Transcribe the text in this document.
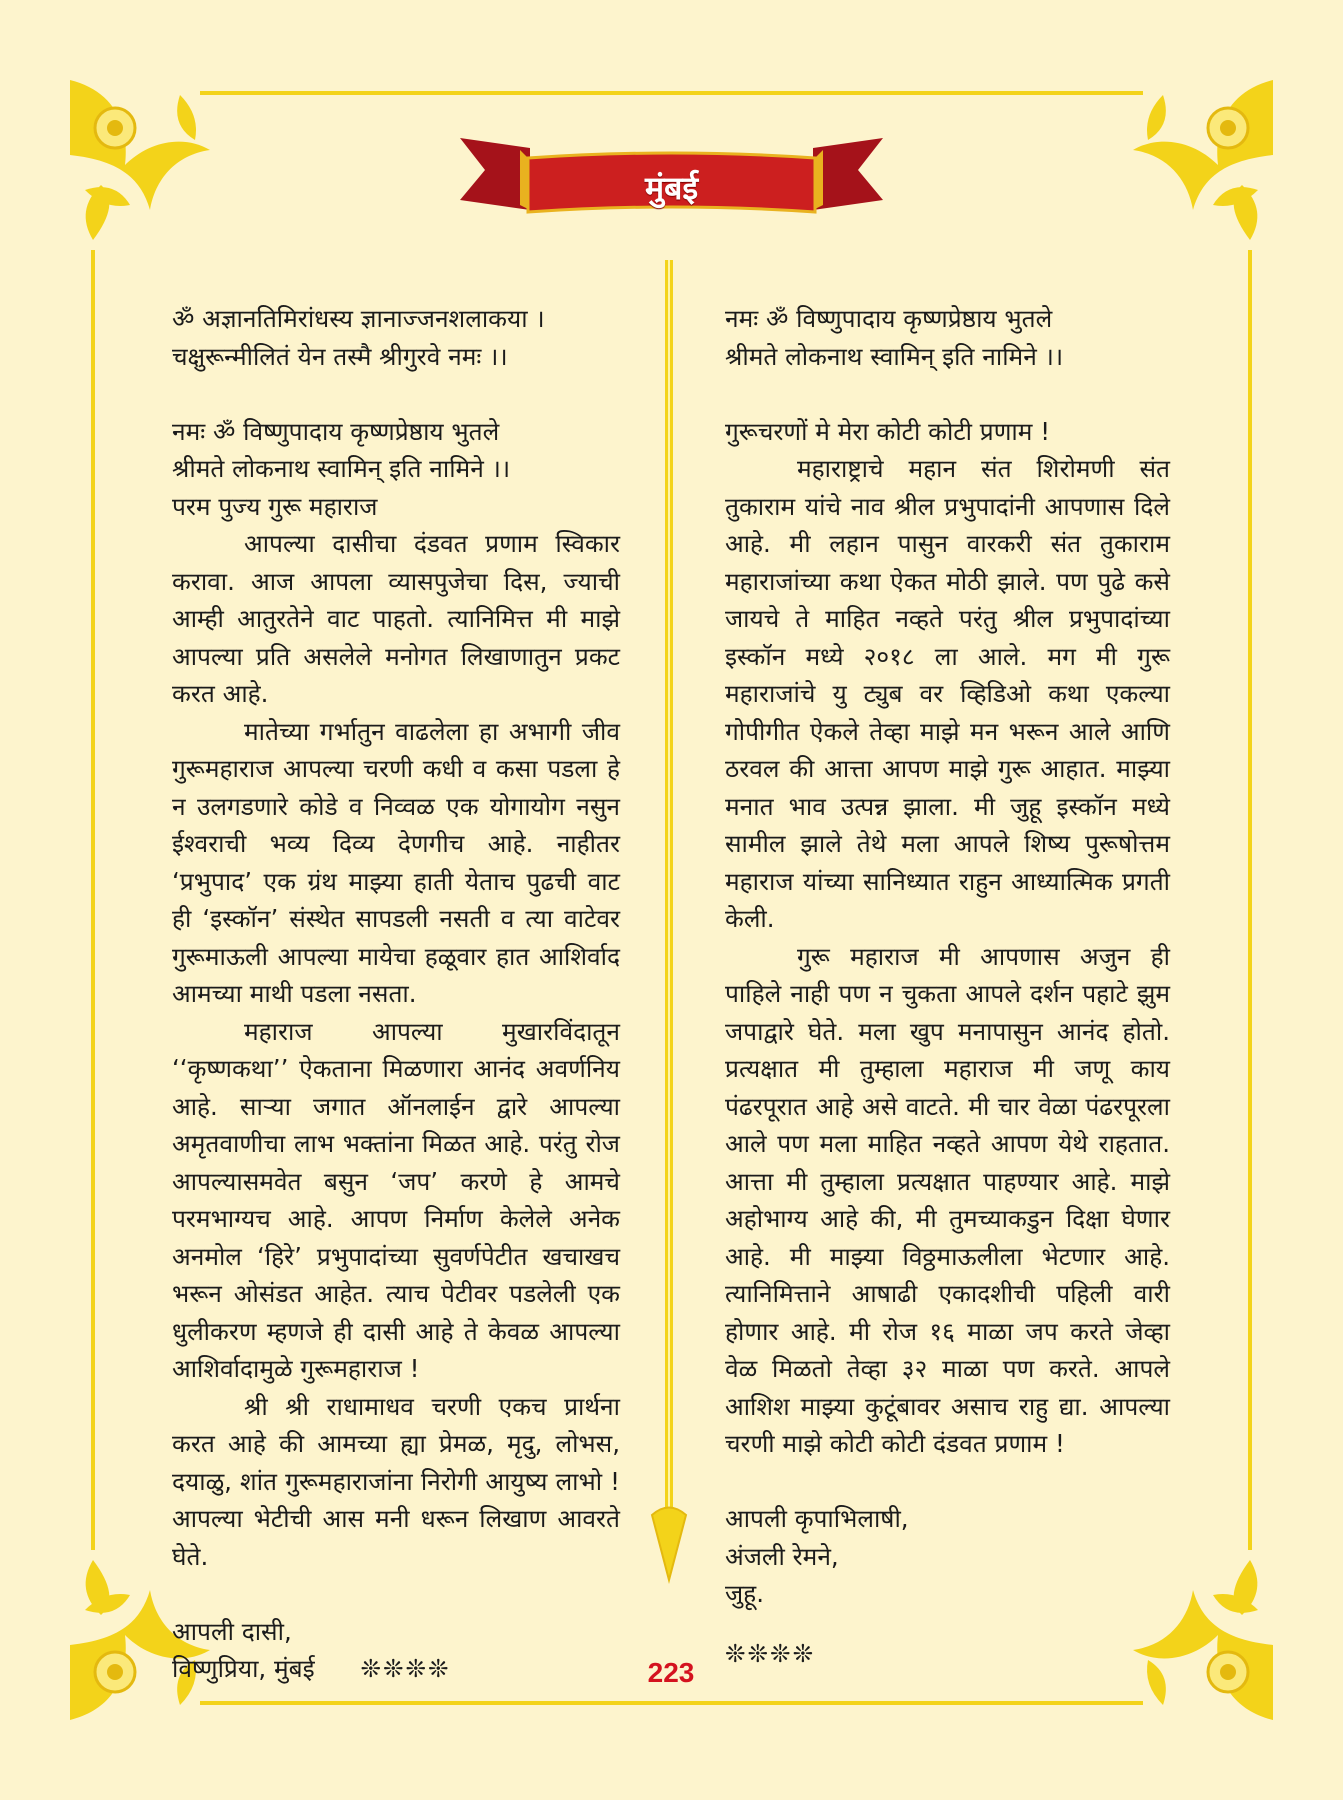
मुंबई

ॐ अज्ञानतिमिरांधस्य ज्ञानाज्जनशलाकया ।

चक्षुरून्मीलितं येन तस्मै श्रीगुरवे नमः ।।

नमः ॐ विष्णुपादाय कृष्णप्रेष्ठाय भुतले

श्रीमते लोकनाथ स्वामिन् इति नामिने ।।

परम पुज्य गुरू महाराज

आपल्या दासीचा दंडवत प्रणाम स्विकार करावा. आज आपला व्यासपुजेचा दिस, ज्याची आम्ही आतुरतेने वाट पाहतो. त्यानिमित्त मी माझे आपल्या प्रति असलेले मनोगत लिखाणातुन प्रकट करत आहे.

मातेच्या गर्भातुन वाढलेला हा अभागी जीव गुरूमहाराज आपल्या चरणी कधी व कसा पडला हे न उलगडणारे कोडे व निव्वळ एक योगायोग नसुन ईश्वराची भव्य दिव्य देणगीच आहे. नाहीतर ‘प्रभुपाद’ एक ग्रंथ माझ्या हाती येताच पुढची वाट ही ‘इस्कॉन’ संस्थेत सापडली नसती व त्या वाटेवर गुरूमाऊली आपल्या मायेचा हळूवार हात आशिर्वाद आमच्या माथी पडला नसता.

महाराज आपल्या मुखारविंदातून ‘‘कृष्णकथा’’ ऐकताना मिळणारा आनंद अवर्णनिय आहे. साऱ्या जगात ऑनलाईन द्वारे आपल्या अमृतवाणीचा लाभ भक्तांना मिळत आहे. परंतु रोज आपल्यासमवेत बसुन ‘जप’ करणे हे आमचे परमभाग्यच आहे. आपण निर्माण केलेले अनेक अनमोल ‘हिरे’ प्रभुपादांच्या सुवर्णपेटीत खचाखच भरून ओसंडत आहेत. त्याच पेटीवर पडलेली एक धुलीकरण म्हणजे ही दासी आहे ते केवळ आपल्या आशिर्वादामुळे गुरूमहाराज !

श्री श्री राधामाधव चरणी एकच प्रार्थना करत आहे की आमच्या ह्या प्रेमळ, मृदु, लोभस, दयाळु, शांत गुरूमहाराजांना निरोगी आयुष्य लाभो !आपल्या भेटीची आस मनी धरून लिखाण आवरते घेते.

आपली दासी,

विष्णुप्रिया, मुंबई ❊❊❊❊

नमः ॐ विष्णुपादाय कृष्णप्रेष्ठाय भुतले

श्रीमते लोकनाथ स्वामिन् इति नामिने ।।

गुरूचरणों मे मेरा कोटी कोटी प्रणाम !

महाराष्ट्राचे महान संत शिरोमणी संत तुकाराम यांचे नाव श्रील प्रभुपादांनी आपणास दिले आहे. मी लहान पासुन वारकरी संत तुकाराम महाराजांच्या कथा ऐकत मोठी झाले. पण पुढे कसे जायचे ते माहित नव्हते परंतु श्रील प्रभुपादांच्या इस्कॉन मध्ये २०१८ ला आले. मग मी गुरू महाराजांचे यु ट्युब वर व्हिडिओ कथा एकल्या गोपीगीत ऐकले तेव्हा माझे मन भरून आले आणि ठरवल की आत्ता आपण माझे गुरू आहात. माझ्या मनात भाव उत्पन्न झाला. मी जुहू इस्कॉन मध्ये सामील झाले तेथे मला आपले शिष्य पुरूषोत्तम महाराज यांच्या सानिध्यात राहुन आध्यात्मिक प्रगती केली.

गुरू महाराज मी आपणास अजुन ही पाहिले नाही पण न चुकता आपले दर्शन पहाटे झुम जपाद्वारे घेते. मला खुप मनापासुन आनंद होतो. प्रत्यक्षात मी तुम्हाला महाराज मी जणू काय पंढरपूरात आहे असे वाटते. मी चार वेळा पंढरपूरला आले पण मला माहित नव्हते आपण येथे राहतात. आत्ता मी तुम्हाला प्रत्यक्षात पाहण्यार आहे. माझे अहोभाग्य आहे की, मी तुमच्याकडुन दिक्षा घेणार आहे. मी माझ्या विठ्ठमाऊलीला भेटणार आहे. त्यानिमित्ताने आषाढी एकादशीची पहिली वारी होणार आहे. मी रोज १६ माळा जप करते जेव्हा वेळ मिळतो तेव्हा ३२ माळा पण करते. आपले आशिश माझ्या कुटूंबावर असाच राहु द्या. आपल्या चरणी माझे कोटी कोटी दंडवत प्रणाम !

आपली कृपाभिलाषी,

अंजली रेमने,

जुहू.

❊❊❊❊

223
